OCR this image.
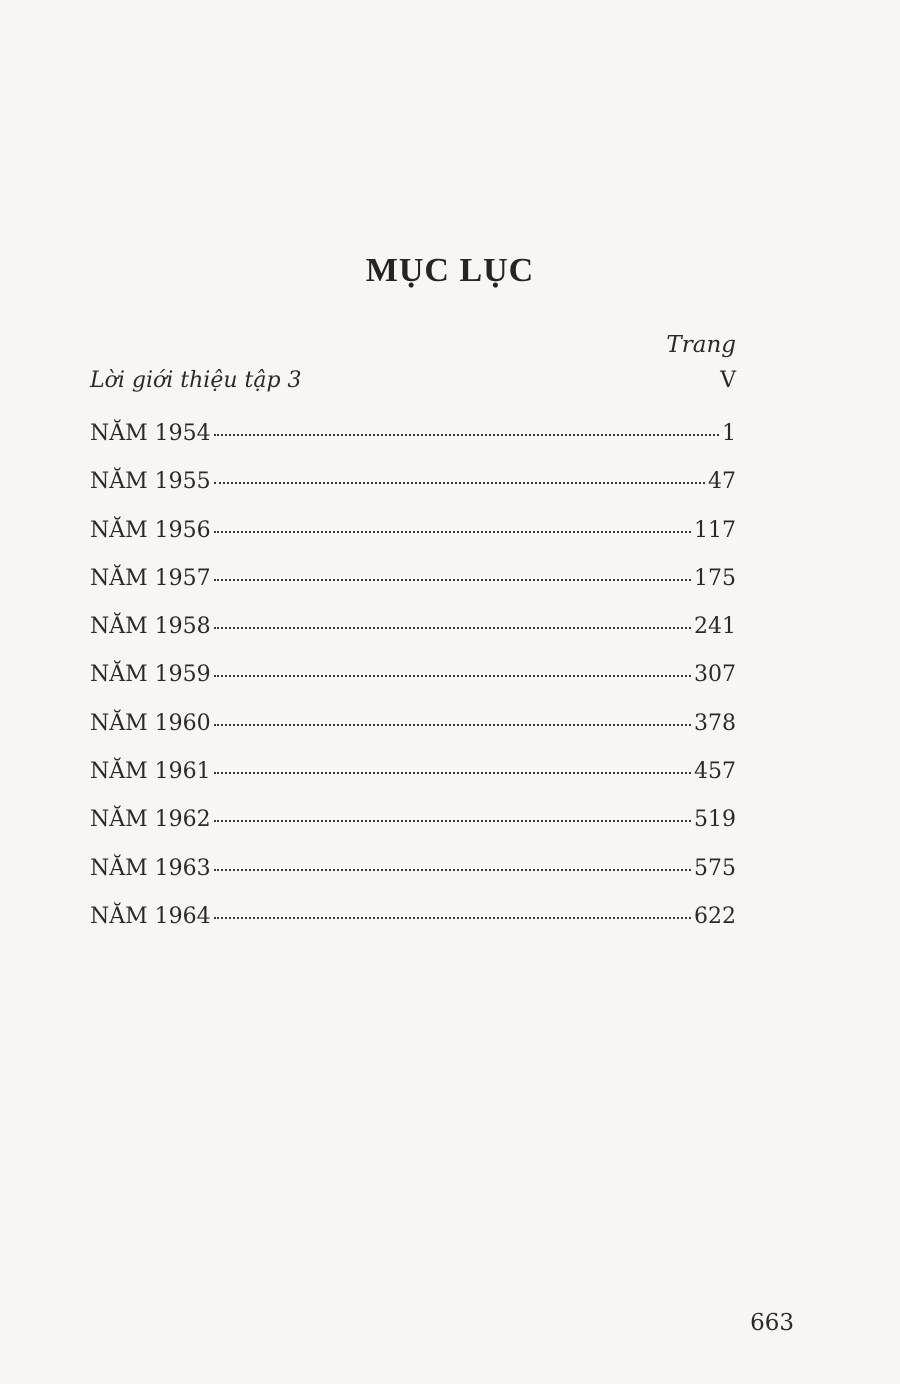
MỤC LỤC
Trang
Lời giới thiệu tập 3	V
NĂM 1954	1
NĂM 1955	47
NĂM 1956	117
NĂM 1957	175
NĂM 1958	241
NĂM 1959	307
NĂM 1960	378
NĂM 1961	457
NĂM 1962	519
NĂM 1963	575
NĂM 1964	622
663
